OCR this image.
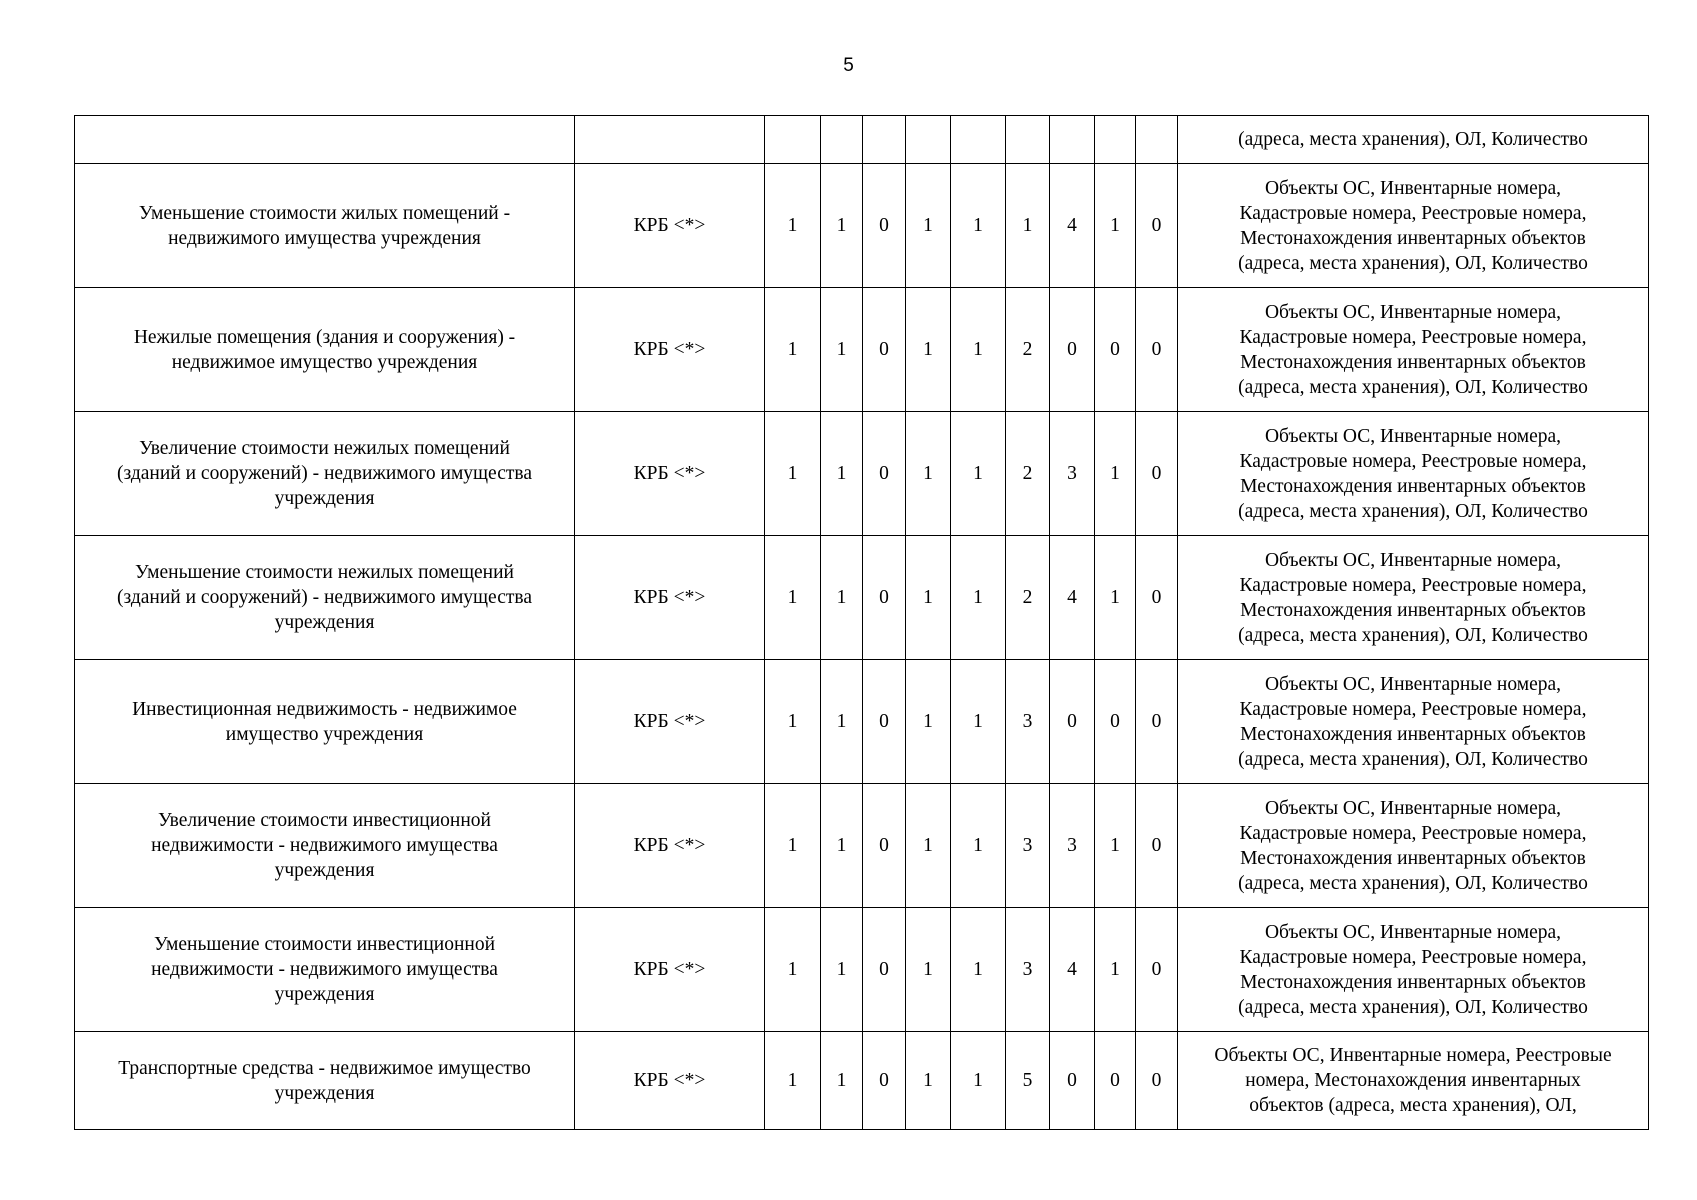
5
											(адреса, места хранения), ОЛ, Количество
Уменьшение стоимости жилых помещений -
недвижимого имущества учреждения	КРБ <*>	1	1	0	1	1	1	4	1	0	Объекты ОС, Инвентарные номера,
Кадастровые номера, Реестровые номера,
Местонахождения инвентарных объектов
(адреса, места хранения), ОЛ, Количество
Нежилые помещения (здания и сооружения) -
недвижимое имущество учреждения	КРБ <*>	1	1	0	1	1	2	0	0	0	Объекты ОС, Инвентарные номера,
Кадастровые номера, Реестровые номера,
Местонахождения инвентарных объектов
(адреса, места хранения), ОЛ, Количество
Увеличение стоимости нежилых помещений
(зданий и сооружений) - недвижимого имущества
учреждения	КРБ <*>	1	1	0	1	1	2	3	1	0	Объекты ОС, Инвентарные номера,
Кадастровые номера, Реестровые номера,
Местонахождения инвентарных объектов
(адреса, места хранения), ОЛ, Количество
Уменьшение стоимости нежилых помещений
(зданий и сооружений) - недвижимого имущества
учреждения	КРБ <*>	1	1	0	1	1	2	4	1	0	Объекты ОС, Инвентарные номера,
Кадастровые номера, Реестровые номера,
Местонахождения инвентарных объектов
(адреса, места хранения), ОЛ, Количество
Инвестиционная недвижимость - недвижимое
имущество учреждения	КРБ <*>	1	1	0	1	1	3	0	0	0	Объекты ОС, Инвентарные номера,
Кадастровые номера, Реестровые номера,
Местонахождения инвентарных объектов
(адреса, места хранения), ОЛ, Количество
Увеличение стоимости инвестиционной
недвижимости - недвижимого имущества
учреждения	КРБ <*>	1	1	0	1	1	3	3	1	0	Объекты ОС, Инвентарные номера,
Кадастровые номера, Реестровые номера,
Местонахождения инвентарных объектов
(адреса, места хранения), ОЛ, Количество
Уменьшение стоимости инвестиционной
недвижимости - недвижимого имущества
учреждения	КРБ <*>	1	1	0	1	1	3	4	1	0	Объекты ОС, Инвентарные номера,
Кадастровые номера, Реестровые номера,
Местонахождения инвентарных объектов
(адреса, места хранения), ОЛ, Количество
Транспортные средства - недвижимое имущество
учреждения	КРБ <*>	1	1	0	1	1	5	0	0	0	Объекты ОС, Инвентарные номера, Реестровые
номера, Местонахождения инвентарных
объектов (адреса, места хранения), ОЛ,
